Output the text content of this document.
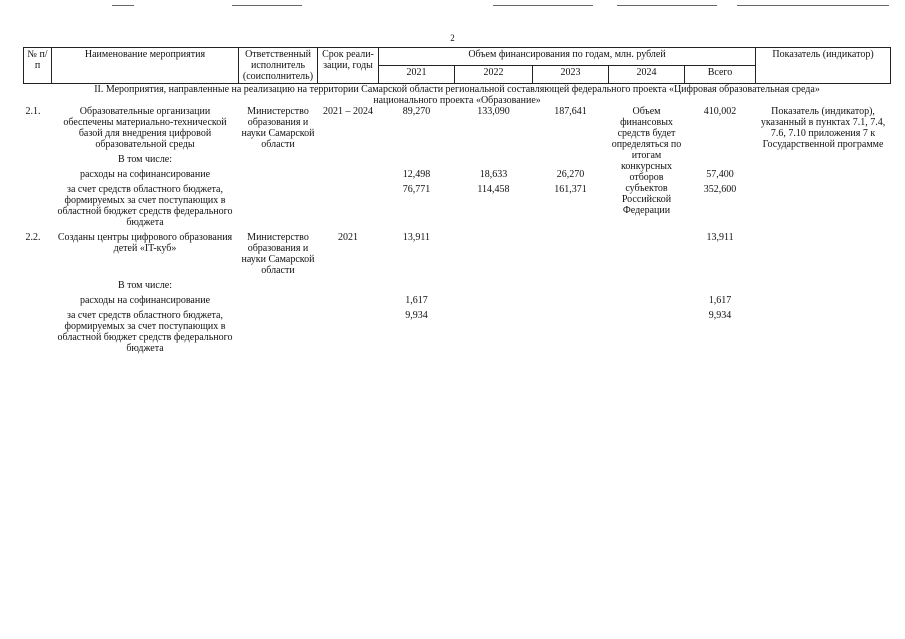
2
№ п/п	Наименование мероприятия	Ответственный исполнитель (соисполнитель)	Срок реали-зации, годы	Объем финансирования по годам, млн. рублей					Показатель (индикатор)
				2021	2022	2023	2024	Всего	
II. Мероприятия, направленные на реализацию на территории Самарской области региональной составляющей федерального проекта «Цифровая образовательная среда» национального проекта «Образование»									
2.1.	Образовательные организации обеспечены материально-технической базой для внедрения цифровой образовательной среды	Министерство образования и науки Самарской области	2021 – 2024	89,270	133,090	187,641	Объем финансовых средств будет определяться по итогам конкурсных отборов субъектов Российской Федерации	410,002	Показатель (индикатор), указанный в пунктах 7.1, 7.4, 7.6, 7.10 приложения 7 к Государственной программе
	В том числе:								
	расходы на софинансирование			12,498	18,633	26,270		57,400	
	за счет средств областного бюджета, формируемых за счет поступающих в областной бюджет средств федерального бюджета			76,771	114,458	161,371		352,600	
2.2.	Созданы центры цифрового образования детей «IT-куб»	Министерство образования и науки Самарской области	2021	13,911				13,911	
	В том числе:								
	расходы на софинансирование			1,617				1,617	
	за счет средств областного бюджета, формируемых за счет поступающих в областной бюджет средств федерального бюджета			9,934				9,934	
